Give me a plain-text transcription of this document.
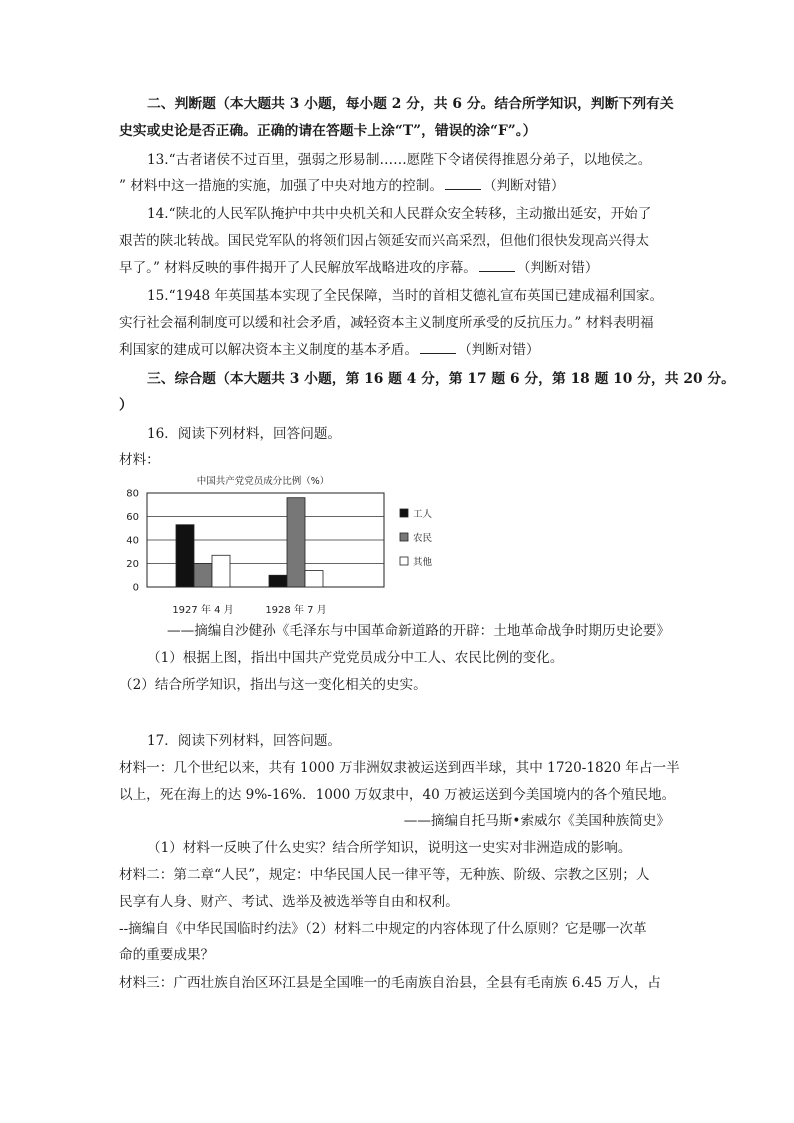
二、判断题（本大题共 3 小题，每小题 2 分，共 6 分。结合所学知识，判断下列有关
史实或史论是否正确。正确的请在答题卡上涂“T”，错误的涂“F”。）
13.“古者诸侯不过百里，强弱之形易制……愿陛下令诸侯得推恩分弟子，以地侯之。
” 材料中这一措施的实施，加强了中央对地方的控制。	（判断对错）
14.“陕北的人民军队掩护中共中央机关和人民群众安全转移，主动撤出延安，开始了
艰苦的陕北转战。国民党军队的将领们因占领延安而兴高采烈，但他们很快发现高兴得太
早了。” 材料反映的事件揭开了人民解放军战略进攻的序幕。	（判断对错）
15.“1948 年英国基本实现了全民保障，当时的首相艾德礼宣布英国已建成福利国家。
实行社会福利制度可以缓和社会矛盾，减轻资本主义制度所承受的反抗压力。” 材料表明福
利国家的建成可以解决资本主义制度的基本矛盾。	（判断对错）
三、综合题（本大题共 3 小题，第 16 题 4 分，第 17 题 6 分，第 18 题 10 分，共 20 分。
）
16．阅读下列材料，回答问题。
材料：
中国共产党党员成分比例（%）
0
20
40
60
80
1927 年 4 月	1928 年 7 月
工人
农民
其他
——摘编自沙健孙《毛泽东与中国革命新道路的开辟：土地革命战争时期历史论要》
（1）根据上图，指出中国共产党党员成分中工人、农民比例的变化。
（2）结合所学知识，指出与这一变化相关的史实。
17．阅读下列材料，回答问题。
材料一：几个世纪以来，共有 1000 万非洲奴隶被运送到西半球，其中 1720-1820 年占一半
以上，死在海上的达 9%-16%．1000 万奴隶中，40 万被运送到今美国境内的各个殖民地。
——摘编自托马斯•索威尔《美国种族简史》
（1）材料一反映了什么史实？结合所学知识，说明这一史实对非洲造成的影响。
材料二：第二章“人民”，规定：中华民国人民一律平等，无种族、阶级、宗教之区别；人
民享有人身、财产、考试、选举及被选举等自由和权利。
--摘编自《中华民国临时约法》（2）材料二中规定的内容体现了什么原则？它是哪一次革
命的重要成果？
材料三：广西壮族自治区环江县是全国唯一的毛南族自治县，全县有毛南族 6.45 万人，占
